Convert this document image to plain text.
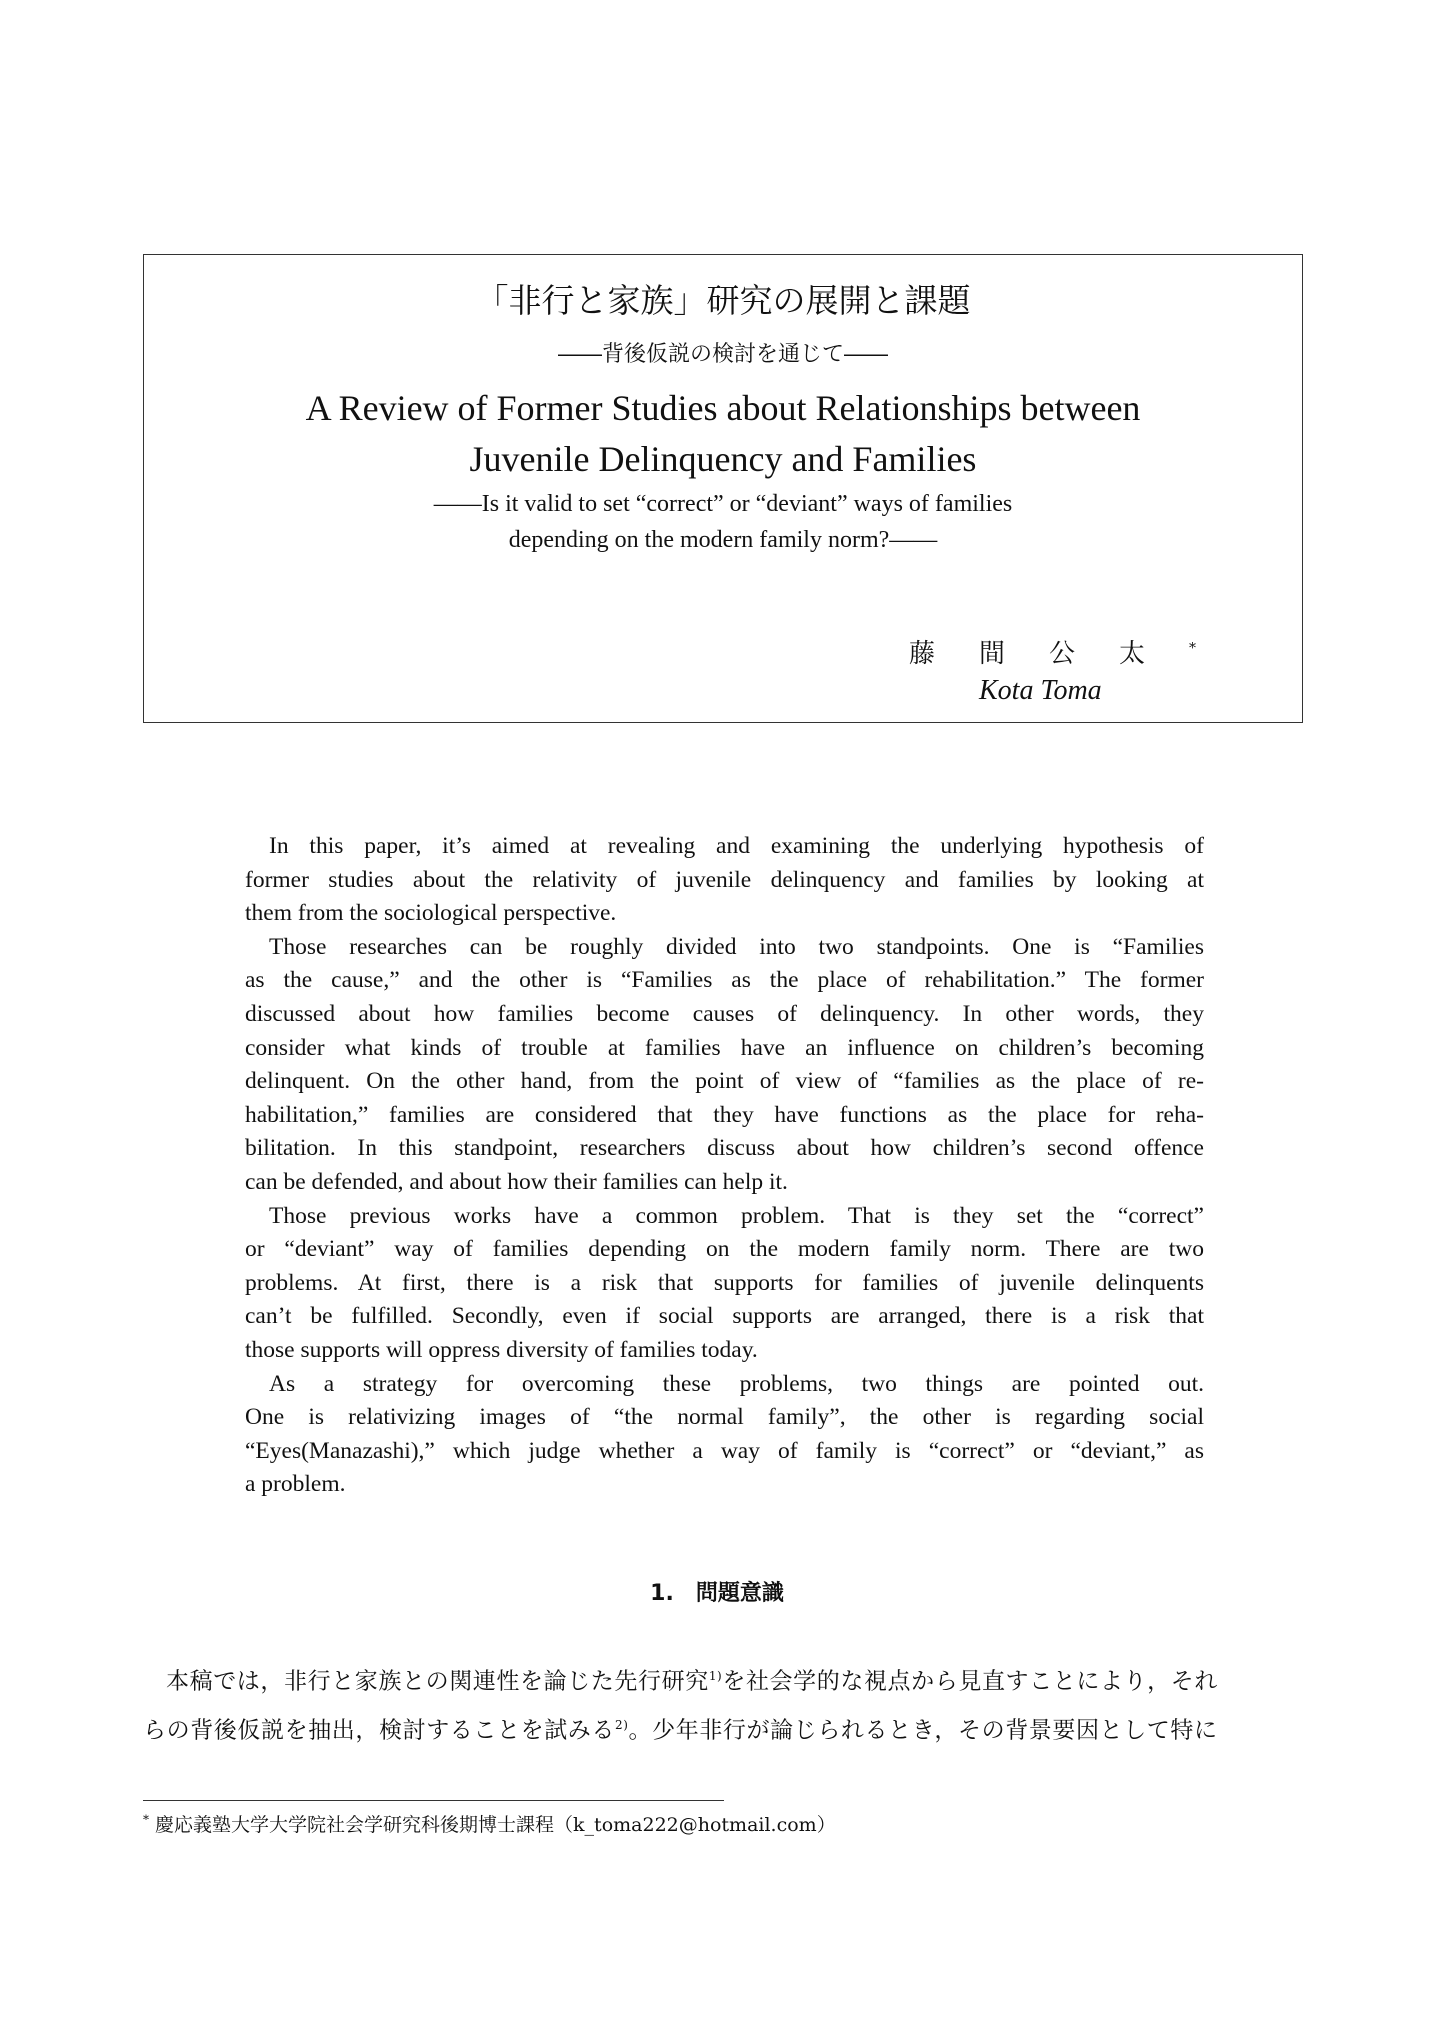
「非行と家族」研究の展開と課題
――背後仮説の検討を通じて――
A Review of Former Studies about Relationships between
Juvenile Delinquency and Families
――Is it valid to set “correct” or “deviant” ways of families
depending on the modern family norm?――
藤間公太*
Kota Toma
In this paper, it’s aimed at revealing and examining the underlying hypothesis of
former studies about the relativity of juvenile delinquency and families by looking at
them from the sociological perspective.
Those researches can be roughly divided into two standpoints. One is “Families
as the cause,” and the other is “Families as the place of rehabilitation.” The former
discussed about how families become causes of delinquency. In other words, they
consider what kinds of trouble at families have an influence on children’s becoming
delinquent. On the other hand, from the point of view of “families as the place of re-
habilitation,” families are considered that they have functions as the place for reha-
bilitation. In this standpoint, researchers discuss about how children’s second offence
can be defended, and about how their families can help it.
Those previous works have a common problem. That is they set the “correct”
or “deviant” way of families depending on the modern family norm. There are two
problems. At first, there is a risk that supports for families of juvenile delinquents
can’t be fulfilled. Secondly, even if social supports are arranged, there is a risk that
those supports will oppress diversity of families today.
As a strategy for overcoming these problems, two things are pointed out.
One is relativizing images of “the normal family”, the other is regarding social
“Eyes(Manazashi),” which judge whether a way of family is “correct” or “deviant,” as
a problem.
1.　問題意識
本稿では，非行と家族との関連性を論じた先行研究$^{1)}$を社会学的な視点から見直すことにより，それ
らの背後仮説を抽出，検討することを試みる$^{2)}$。少年非行が論じられるとき，その背景要因として特に
* 慶応義塾大学大学院社会学研究科後期博士課程（k_toma222@hotmail.com）
